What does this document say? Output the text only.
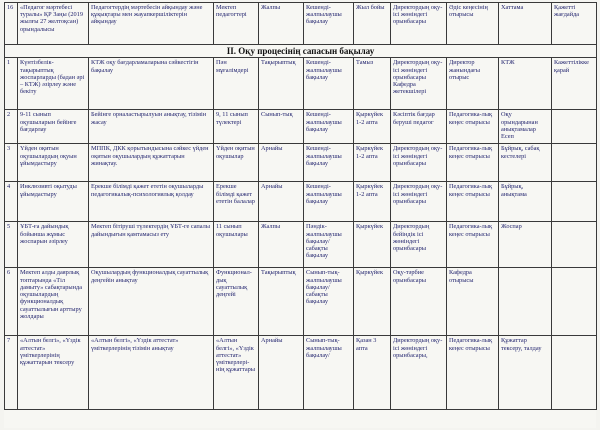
16	«Педагог мәртебесі туралы» ҚР Заңы (2019 жылғы 27 желтоқсан) орындалысы	Педагогтердің мәртебесін айқындау және құқықтары мен жауапкершіліктерін айқындау	Мектеп педагогтері	Жалпы	Кешенді-жалпылаушы бақылау	Жыл бойы	Директордың оқу-ісі жөніндегі орынбасары	Әдіс кеңесінің отырысы	Хаттама	Қажетті жағдайда
ІІ. Оқу процесінің сапасын бақылау										
1	Күнтізбелік-тақырыптық жоспарларды (бадан әрі – КТЖ) әзірлеу және бекіту	КТЖ оқу бағдарламаларына сәйкестігін бақылау	Пән мұғалімдері	Тақырыптық	Кешенді-жалпылаушы бақылау	Тамыз	Директордың оқу-ісі жөніндегі орынбасары Кафедра жетекшілері	Директор жанындағы отырыс	КТЖ	Кажеттілікке қарай
2	9-11 сынып оқушыларын бейінге бағдарлау	Бейінге орналастырылуын анықтау, тізімін жасау	9, 11 сынып түлектері	Сынып-тық	Кешенді-жалпылаушы бақылау	Қыркүйек 1-2 апта	Кәсіптік бағдар беруші педагог	Педагогика-лық кеңес отырысы	Оқу орындарынан анықтамалар Есеп	
3	Үйден оқитын оқушылардың оқуын ұйымдастыру	МППК, ДКК қорытындысына сәйкес үйден оқитын оқушылардың құжаттарын жинақтау.	Үйден оқитын оқушылар	Арнайы	Кешенді-жалпылаушы бақылау	Қыркүйек 1-2 апта	Директордың оқу-ісі жөніндегі орынбасары	Педагогика-лық кеңес отырысы	Бұйрық, сабақ кестелері	
4	Инклюзивті оқытуды ұйымдастыру	Ерекше білімді қажет ететін оқушыларды педагогикалық-психологиялық қолдау	Ерекше білімді қажет ететін балалар	Арнайы	Кешенді-жалпылаушы бақылау	Қыркүйек 1-2 апта	Директордың оқу-ісі жөніндегі орынбасары	Педагогика-лық кеңес отырысы	Бұйрық, анықтама	
5	ҰБТ-ға дайындық бойынша жұмыс жоспарын әзірлеу	Мектеп бітіруші түлектердің ҰБТ-ге сапалы дайындығын қамтамасыз ету	11 сынып оқушылары	Жалпы	Пәндік-жалпылаушы бақылау/ сабақты бақылау	Қыркүйек	Директордың бейіндік ісі жөніндегі орынбасары	Педагогика-лық кеңес отырысы	Жоспар	
6	Мектеп алды даярлық топтарында «Тіл дамыту» сабақтарында оқушылардың функционалдық сауаттылығын арттыру жолдары	Оқушылардың функционалдық сауаттылық деңгейін анықтау	Функционал-дық сауаттылық деңгейі	Тақырыптық	Сынып-тық-жалпылаушы бақылау/сабақты бақылау	Қыркүйек	Оқу-тәрбие орынбасары	Кафедра отырысы		
7	«Алтын белгі», «Үздік аттестат» үміткерлерінің құжаттарын тексеру	«Алтын белгі», «Үздік аттестат» үміткерлерінің тізімін анықтау	«Алтын белгі», «Үздік аттестат» үміткерлері-нің құжаттары	Арнайы	Сынып-тық-жалпылаушы бақылау/	Қазан 3 апта	Директордың оқу-ісі жөніндегі орынбасары,	Педагогика-лық кеңес отырысы	Құжаттар тексеру, талдау	
